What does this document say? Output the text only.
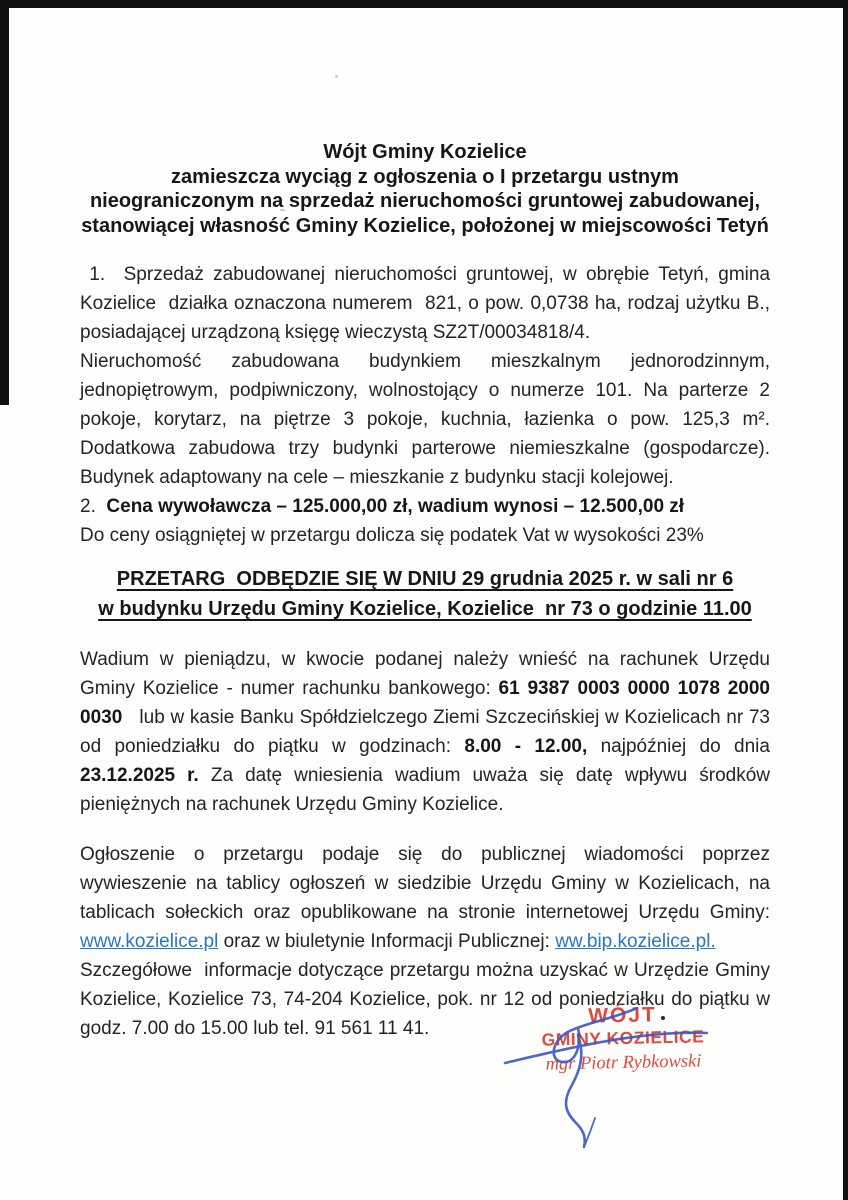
Wójt Gminy Kozielice
zamieszcza wyciąg z ogłoszenia o I przetargu ustnym
nieograniczonym na sprzedaż nieruchomości gruntowej zabudowanej,
stanowiącej własność Gminy Kozielice, położonej w miejscowości Tetyń

1.  Sprzedaż zabudowanej nieruchomości gruntowej, w obrębie Tetyń, gmina Kozielice  działka oznaczona numerem  821, o pow. 0,0738 ha, rodzaj użytku B., posiadającej urządzoną księgę wieczystą SZ2T/00034818/4.

Nieruchomość zabudowana budynkiem mieszkalnym jednorodzinnym, jednopiętrowym, podpiwniczony, wolnostojący o numerze 101. Na parterze 2 pokoje, korytarz, na piętrze 3 pokoje, kuchnia, łazienka o pow. 125,3 m². Dodatkowa zabudowa trzy budynki parterowe niemieszkalne (gospodarcze). Budynek adaptowany na cele – mieszkanie z budynku stacji kolejowej.

2.  Cena wywoławcza – 125.000,00 zł, wadium wynosi – 12.500,00 zł

Do ceny osiągniętej w przetargu dolicza się podatek Vat w wysokości 23%

PRZETARG  ODBĘDZIE SIĘ W DNIU 29 grudnia 2025 r. w sali nr 6
w budynku Urzędu Gminy Kozielice, Kozielice  nr 73 o godzinie 11.00

Wadium w pieniądzu, w kwocie podanej należy wnieść na rachunek Urzędu Gminy Kozielice - numer rachunku bankowego: 61 9387 0003 0000 1078 2000 0030   lub w kasie Banku Spółdzielczego Ziemi Szczecińskiej w Kozielicach nr 73 od poniedziałku do piątku w godzinach: 8.00 - 12.00, najpóźniej do dnia 23.12.2025 r. Za datę wniesienia wadium uważa się datę wpływu środków pieniężnych na rachunek Urzędu Gminy Kozielice.

Ogłoszenie o przetargu podaje się do publicznej wiadomości poprzez wywieszenie na tablicy ogłoszeń w siedzibie Urzędu Gminy w Kozielicach, na tablicach sołeckich oraz opublikowane na stronie internetowej Urzędu Gminy: www.kozielice.pl oraz w biuletynie Informacji Publicznej: ww.bip.kozielice.pl.

Szczegółowe  informacje dotyczące przetargu można uzyskać w Urzędzie Gminy Kozielice, Kozielice 73, 74-204 Kozielice, pok. nr 12 od poniedziałku do piątku w godz. 7.00 do 15.00 lub tel. 91 561 11 41.

WÓJT
GMINY KOZIELICE
mgr Piotr Rybkowski
